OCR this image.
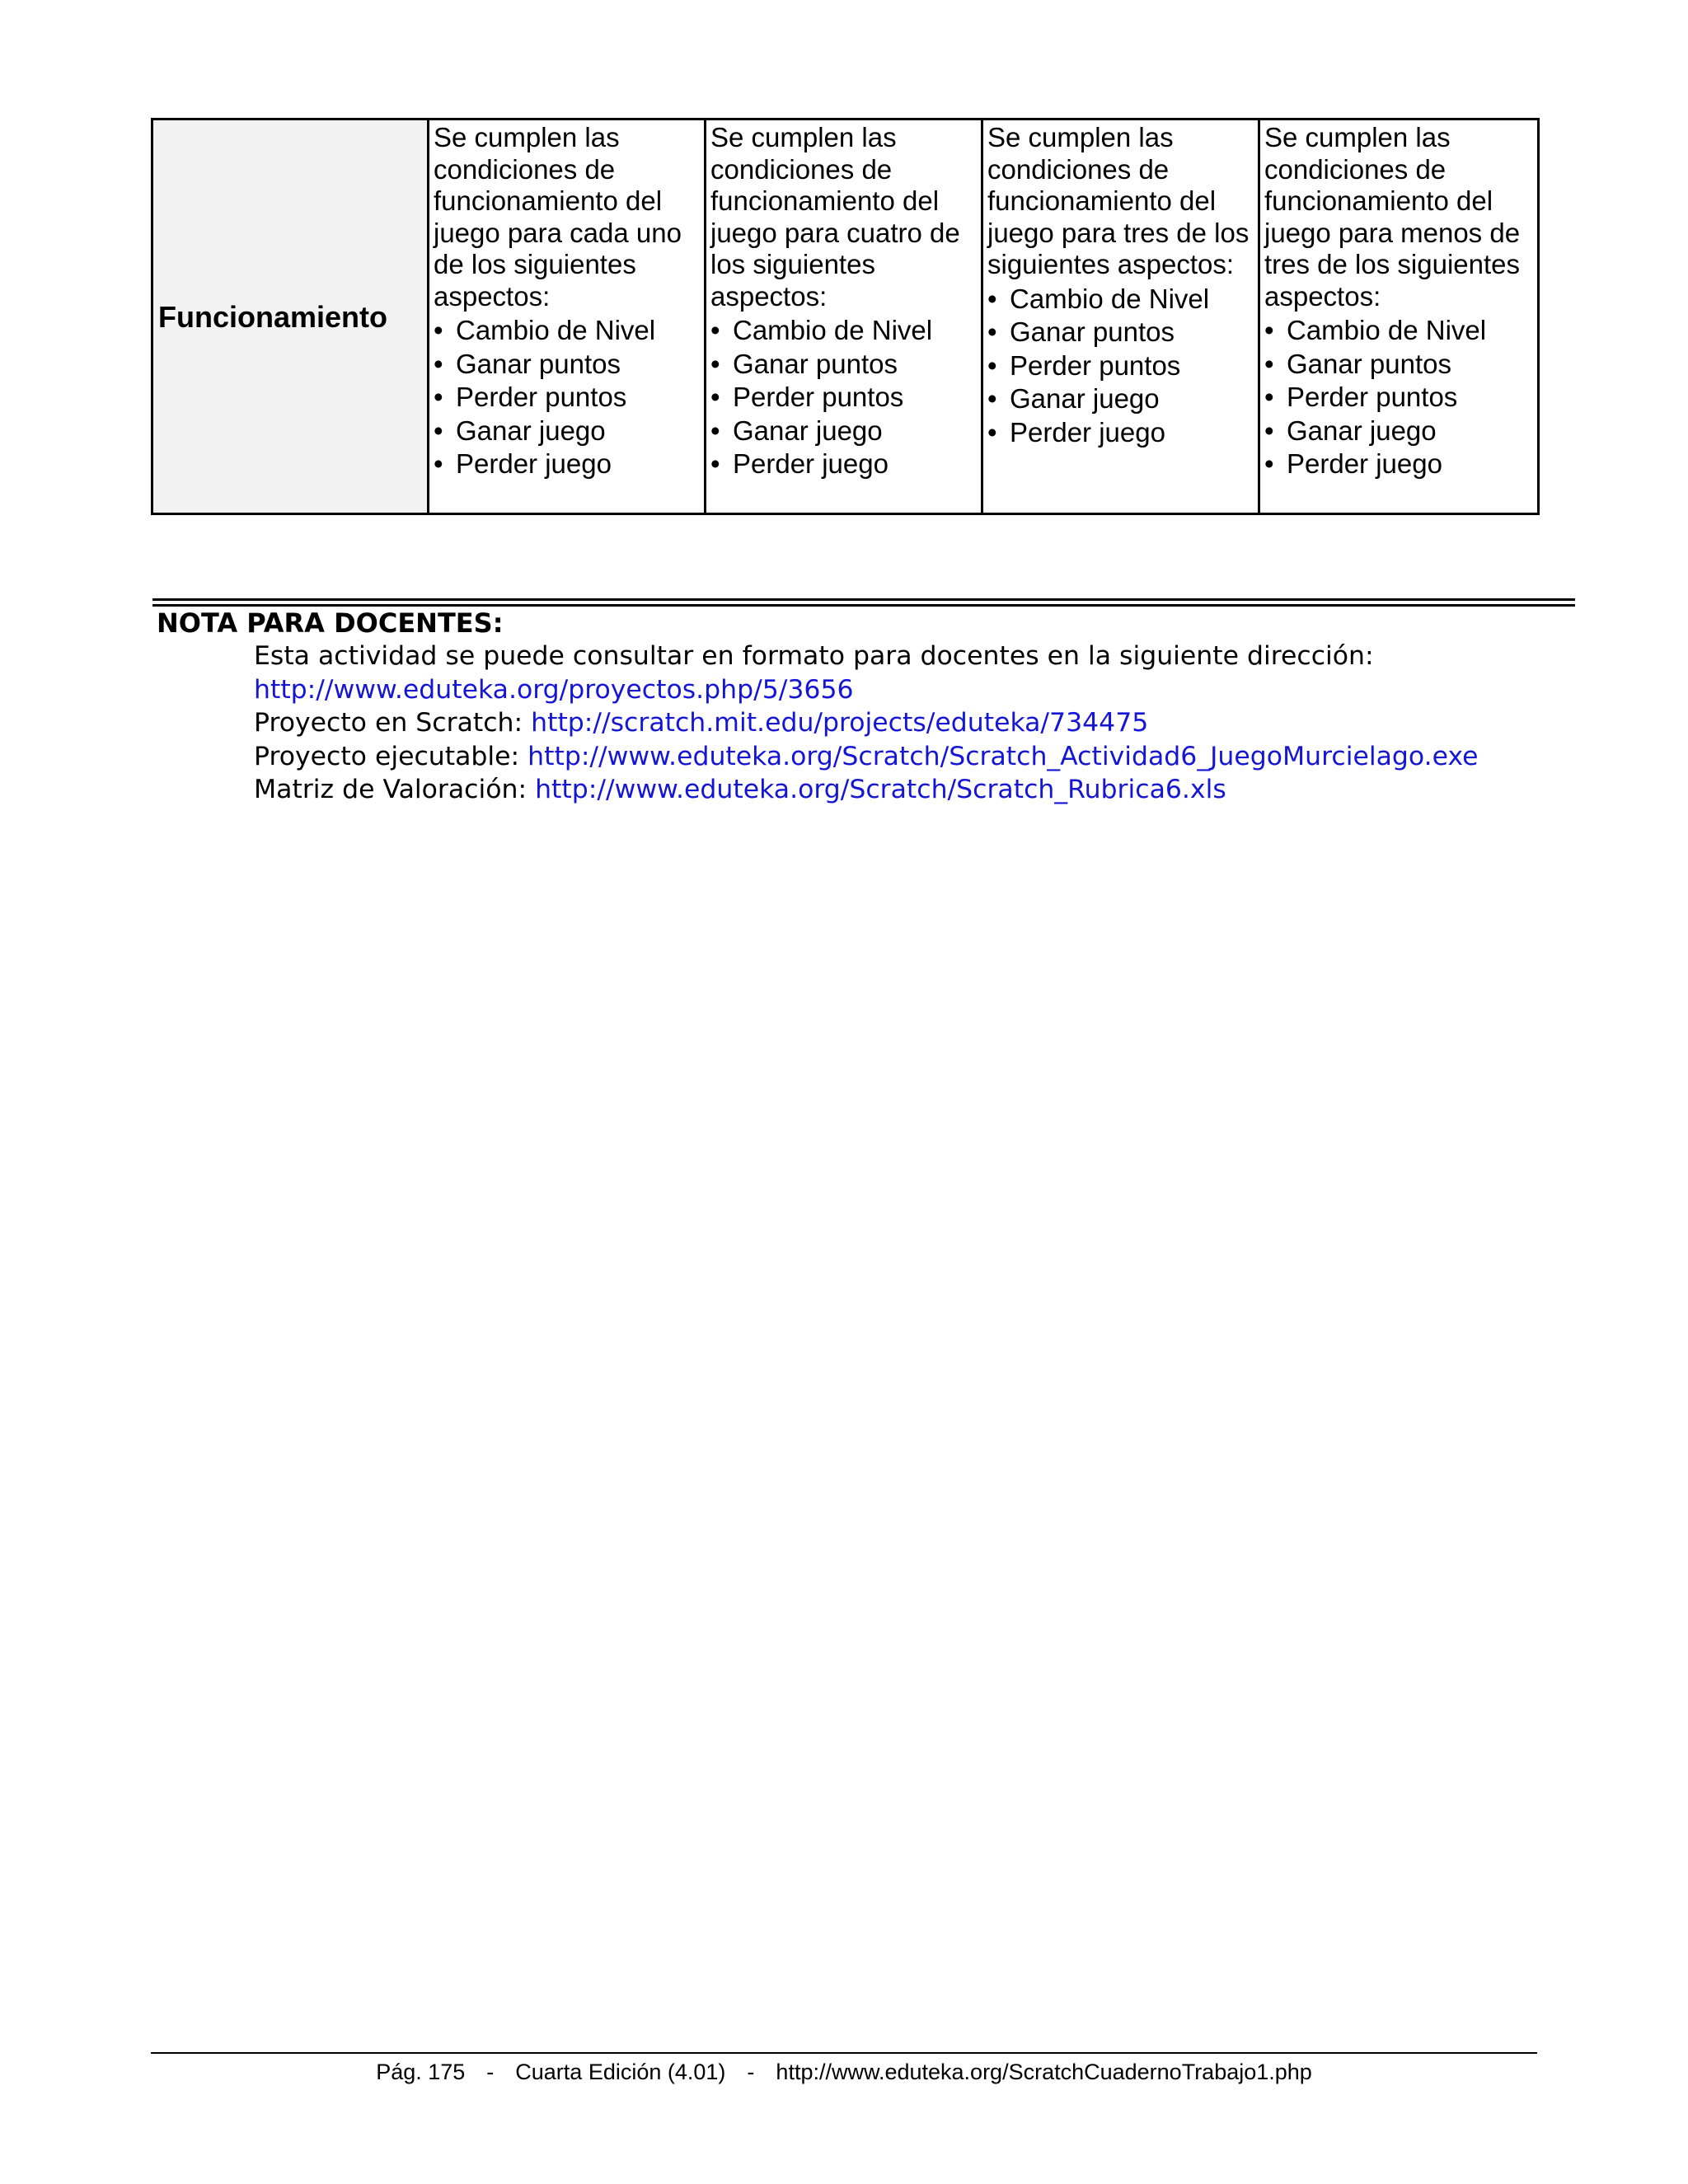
Funcionamiento	
Se cumplen las
condiciones de
funcionamiento del
juego para cada uno
de los siguientes
aspectos:
• Cambio de Nivel
• Ganar puntos
• Perder puntos
• Ganar juego
• Perder juego

Se cumplen las
condiciones de
funcionamiento del
juego para cuatro de
los siguientes
aspectos:
• Cambio de Nivel
• Ganar puntos
• Perder puntos
• Ganar juego
• Perder juego

Se cumplen las
condiciones de
funcionamiento del
juego para tres de los
siguientes aspectos:
• Cambio de Nivel
• Ganar puntos
• Perder puntos
• Ganar juego
• Perder juego

Se cumplen las
condiciones de
funcionamiento del
juego para menos de
tres de los siguientes
aspectos:
• Cambio de Nivel
• Ganar puntos
• Perder puntos
• Ganar juego
• Perder juego
NOTA PARA DOCENTES:
Esta actividad se puede consultar en formato para docentes en la siguiente dirección:
http://www.eduteka.org/proyectos.php/5/3656
Proyecto en Scratch: http://scratch.mit.edu/projects/eduteka/734475
Proyecto ejecutable: http://www.eduteka.org/Scratch/Scratch_Actividad6_JuegoMurcielago.exe
Matriz de Valoración: http://www.eduteka.org/Scratch/Scratch_Rubrica6.xls
Pág. 175 - Cuarta Edición (4.01) - http://www.eduteka.org/ScratchCuadernoTrabajo1.php
